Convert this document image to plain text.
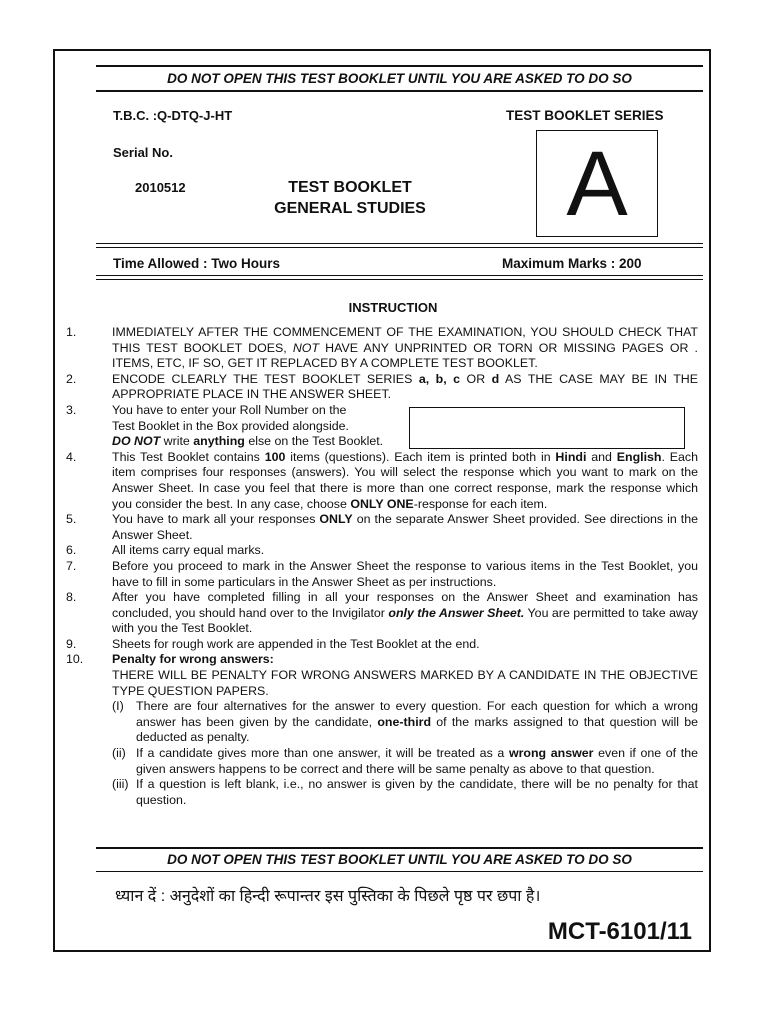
DO NOT OPEN THIS TEST BOOKLET UNTIL YOU ARE ASKED TO DO SO
T.B.C. :Q-DTQ-J-HT	TEST BOOKLET SERIES
Serial No.
2010512	TEST BOOKLET
GENERAL STUDIES	A
Time Allowed : Two Hours	Maximum Marks : 200
INSTRUCTION
1.	IMMEDIATELY AFTER THE COMMENCEMENT OF THE EXAMINATION, YOU SHOULD CHECK THAT THIS TEST BOOKLET DOES, NOT HAVE ANY UNPRINTED OR TORN OR MISSING PAGES OR . ITEMS, ETC, IF SO, GET IT REPLACED BY A COMPLETE TEST BOOKLET.
2.	ENCODE CLEARLY THE TEST BOOKLET SERIES a, b, c OR d AS THE CASE MAY BE IN THE APPROPRIATE PLACE IN THE ANSWER SHEET.
3.	You have to enter your Roll Number on the
Test Booklet in the Box provided alongside.
DO NOT write anything else on the Test Booklet.
4.	This Test Booklet contains 100 items (questions). Each item is printed both in Hindi and English. Each item comprises four responses (answers). You will select the response which you want to mark on the Answer Sheet. In case you feel that there is more than one correct response, mark the response which you consider the best. In any case, choose ONLY ONE-response for each item.
5.	You have to mark all your responses ONLY on the separate Answer Sheet provided. See directions in the Answer Sheet.
6.	All items carry equal marks.
7.	Before you proceed to mark in the Answer Sheet the response to various items in the Test Booklet, you have to fill in some particulars in the Answer Sheet as per instructions.
8.	After you have completed filling in all your responses on the Answer Sheet and examination has concluded, you should hand over to the Invigilator only the Answer Sheet. You are permitted to take away with you the Test Booklet.
9.	Sheets for rough work are appended in the Test Booklet at the end.
10.	Penalty for wrong answers:
THERE WILL BE PENALTY FOR WRONG ANSWERS MARKED BY A CANDIDATE IN THE OBJECTIVE TYPE QUESTION PAPERS.
(I) There are four alternatives for the answer to every question. For each question for which a wrong answer has been given by the candidate, one-third of the marks assigned to that question will be deducted as penalty.
(ii) If a candidate gives more than one answer, it will be treated as a wrong answer even if one of the given answers happens to be correct and there will be same penalty as above to that question.
(iii) If a question is left blank, i.e., no answer is given by the candidate, there will be no penalty for that question.
DO NOT OPEN THIS TEST BOOKLET UNTIL YOU ARE ASKED TO DO SO
ध्यान दें : अनुदेशों का हिन्दी रूपान्तर इस पुस्तिका के पिछले पृष्ठ पर छपा है।
MCT-6101/11
